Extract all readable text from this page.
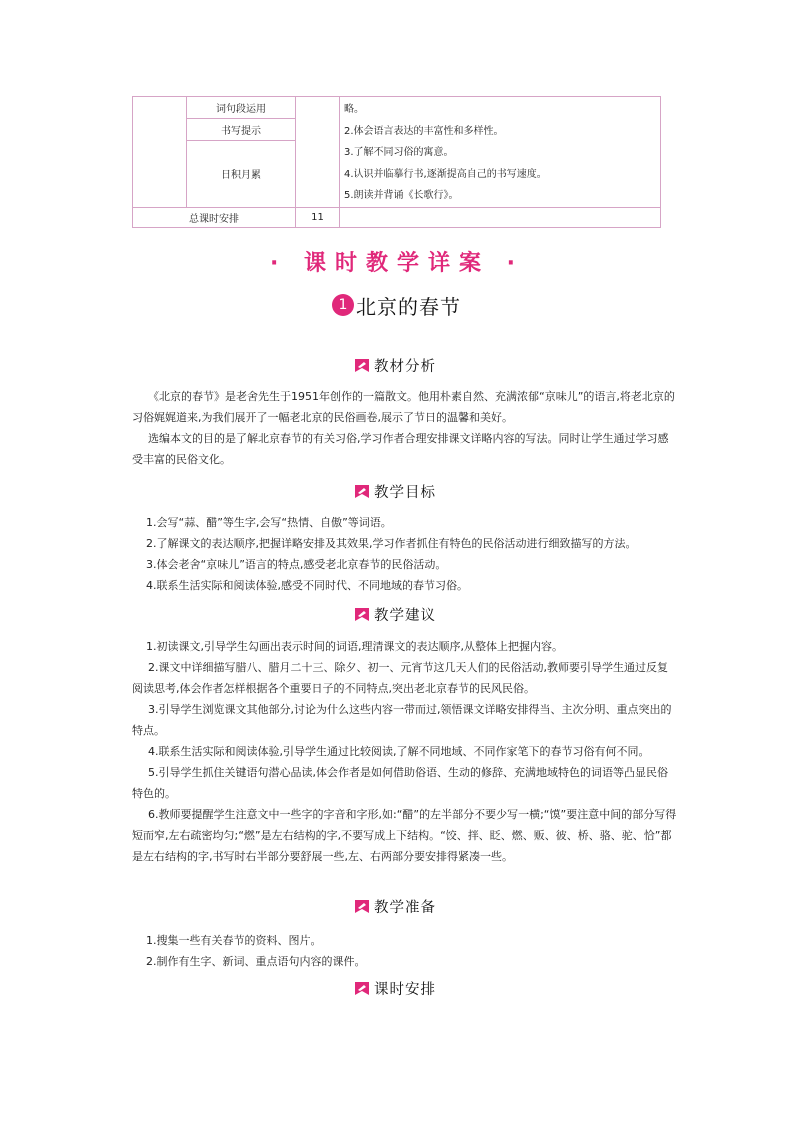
	词句段运用		略。
2.体会语言表达的丰富性和多样性。
3.了解不同习俗的寓意。
4.认识并临摹行书,逐渐提高自己的书写速度。
5.朗读并背诵《长歌行》。

	书写提示		
	日积月累		
总课时安排		11	
· 课时教学详案 ·
1 北京的春节
教材分析

《北京的春节》是老舍先生于1951年创作的一篇散文。他用朴素自然、充满浓郁“京味儿”的语言,将老北京的习俗娓娓道来,为我们展开了一幅老北京的民俗画卷,展示了节日的温馨和美好。

选编本文的目的是了解北京春节的有关习俗,学习作者合理安排课文详略内容的写法。同时让学生通过学习感受丰富的民俗文化。

教学目标

1.会写“蒜、醋”等生字,会写“热情、自傲”等词语。

2.了解课文的表达顺序,把握详略安排及其效果,学习作者抓住有特色的民俗活动进行细致描写的方法。

3.体会老舍“京味儿”语言的特点,感受老北京春节的民俗活动。

4.联系生活实际和阅读体验,感受不同时代、不同地域的春节习俗。

教学建议

1.初读课文,引导学生勾画出表示时间的词语,理清课文的表达顺序,从整体上把握内容。

2.课文中详细描写腊八、腊月二十三、除夕、初一、元宵节这几天人们的民俗活动,教师要引导学生通过反复阅读思考,体会作者怎样根据各个重要日子的不同特点,突出老北京春节的民风民俗。

3.引导学生浏览课文其他部分,讨论为什么这些内容一带而过,领悟课文详略安排得当、主次分明、重点突出的特点。

4.联系生活实际和阅读体验,引导学生通过比较阅读,了解不同地域、不同作家笔下的春节习俗有何不同。

5.引导学生抓住关键语句潜心品读,体会作者是如何借助俗语、生动的修辞、充满地域特色的词语等凸显民俗特色的。

6.教师要提醒学生注意文中一些字的字音和字形,如:“醋”的左半部分不要少写一横;“馍”要注意中间的部分写得短而窄,左右疏密均匀;“燃”是左右结构的字,不要写成上下结构。“饺、拌、眨、燃、贩、彼、桥、骆、驼、恰”都是左右结构的字,书写时右半部分要舒展一些,左、右两部分要安排得紧凑一些。

教学准备

1.搜集一些有关春节的资料、图片。

2.制作有生字、新词、重点语句内容的课件。

课时安排
